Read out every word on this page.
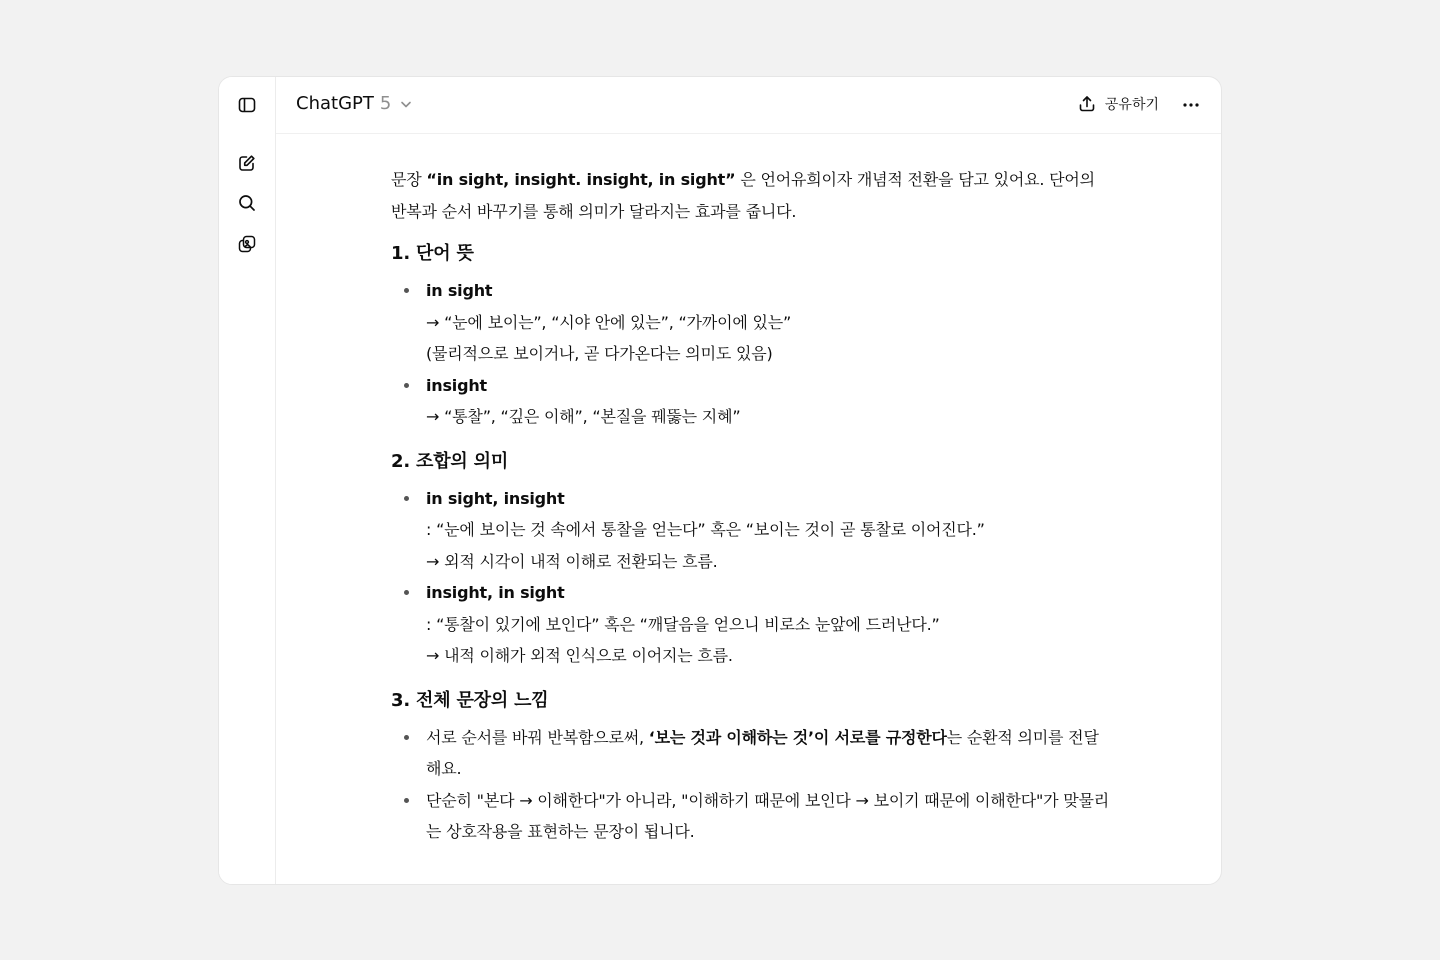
ChatGPT 5	공유하기

문장 “in sight, insight. insight, in sight” 은 언어유희이자 개념적 전환을 담고 있어요. 단어의 반복과 순서 바꾸기를 통해 의미가 달라지는 효과를 줍니다.

1. 단어 뜻
in sight
→ “눈에 보이는”, “시야 안에 있는”, “가까이에 있는”
(물리적으로 보이거나, 곧 다가온다는 의미도 있음)
insight
→ “통찰”, “깊은 이해”, “본질을 꿰뚫는 지혜”
2. 조합의 의미
in sight, insight
: “눈에 보이는 것 속에서 통찰을 얻는다” 혹은 “보이는 것이 곧 통찰로 이어진다.”
→ 외적 시각이 내적 이해로 전환되는 흐름.
insight, in sight
: “통찰이 있기에 보인다” 혹은 “깨달음을 얻으니 비로소 눈앞에 드러난다.”
→ 내적 이해가 외적 인식으로 이어지는 흐름.
3. 전체 문장의 느낌
서로 순서를 바꿔 반복함으로써, ‘보는 것과 이해하는 것’이 서로를 규정한다는 순환적 의미를 전달해요.
단순히 "본다 → 이해한다"가 아니라, "이해하기 때문에 보인다 → 보이기 때문에 이해한다"가 맞물리는 상호작용을 표현하는 문장이 됩니다.
